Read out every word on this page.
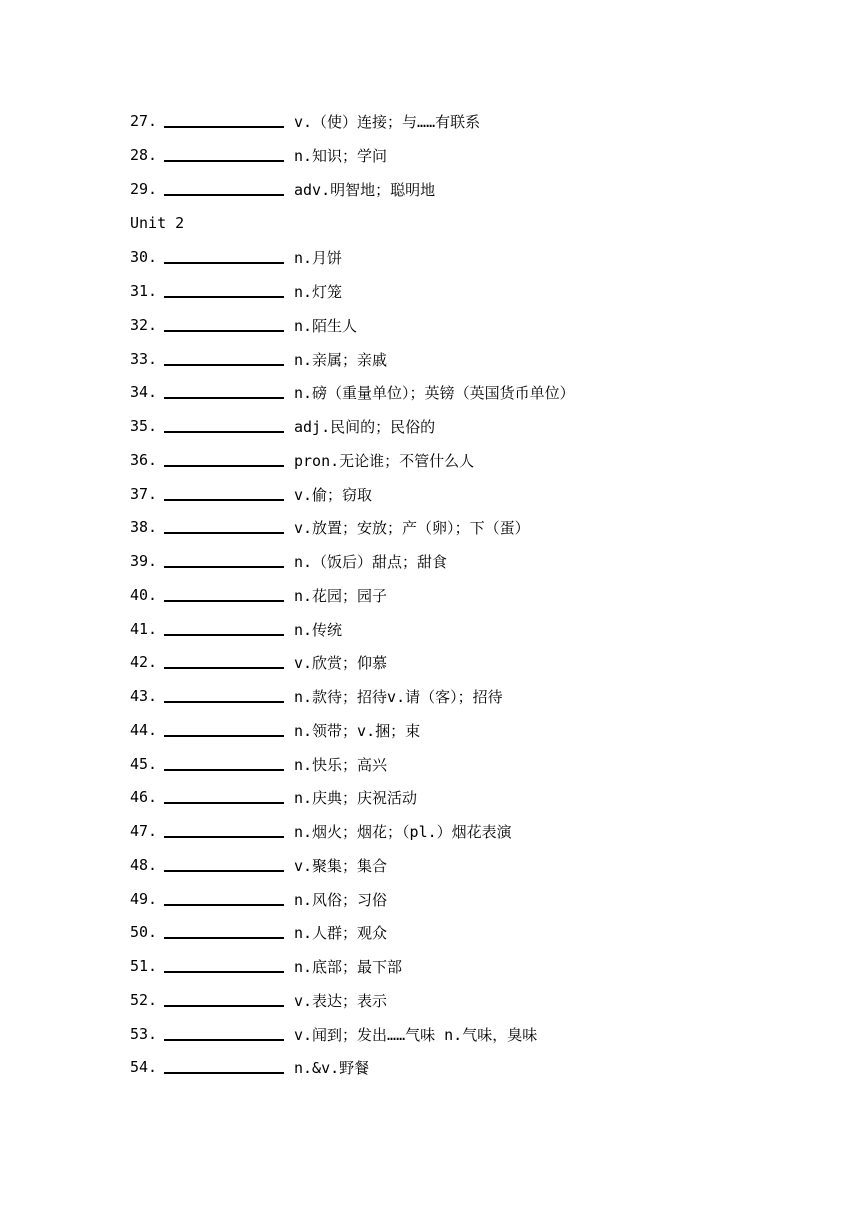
27.	v.（使）连接；与……有联系
28.	n.知识；学问
29.	adv.明智地；聪明地
Unit 2
30.	n.月饼
31.	n.灯笼
32.	n.陌生人
33.	n.亲属；亲戚
34.	n.磅（重量单位）；英镑（英国货币单位）
35.	adj.民间的；民俗的
36.	pron.无论谁；不管什么人
37.	v.偷；窃取
38.	v.放置；安放；产（卵）；下（蛋）
39.	n.（饭后）甜点；甜食
40.	n.花园；园子
41.	n.传统
42.	v.欣赏；仰慕
43.	n.款待；招待v.请（客）；招待
44.	n.领带；v.捆；束
45.	n.快乐；高兴
46.	n.庆典；庆祝活动
47.	n.烟火；烟花；（pl.）烟花表演
48.	v.聚集；集合
49.	n.风俗；习俗
50.	n.人群；观众
51.	n.底部；最下部
52.	v.表达；表示
53.	v.闻到；发出……气味 n.气味，臭味
54.	n.&v.野餐
